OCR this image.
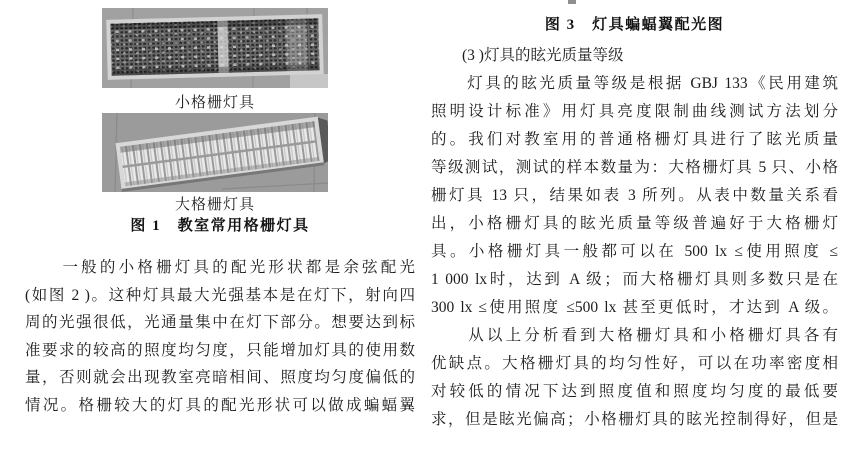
小格栅灯具
大格栅灯具
图 1　教室常用格栅灯具
　　一般的小格栅灯具的配光形状都是余弦配光
(如图 2 )。这种灯具最大光强基本是在灯下，射向四
周的光强很低，光通量集中在灯下部分。想要达到标
准要求的较高的照度均匀度，只能增加灯具的使用数
量，否则就会出现教室亮暗相间、照度均匀度偏低的
情况。格栅较大的灯具的配光形状可以做成蝙蝠翼
图 3　灯具蝙蝠翼配光图
　　(3 )灯具的眩光质量等级
　　灯具的眩光质量等级是根据 GBJ 133《民用建筑
照明设计标准》用灯具亮度限制曲线测试方法划分
的。我们对教室用的普通格栅灯具进行了眩光质量
等级测试，测试的样本数量为：大格栅灯具 5 只、小格
栅灯具 13 只，结果如表 3 所列。从表中数量关系看
出，小格栅灯具的眩光质量等级普遍好于大格栅灯
具。小格栅灯具一般都可以在 500 lx ≤使用照度 ≤
1 000 lx时，达到 A 级；而大格栅灯具则多数只是在
300 lx ≤使用照度 ≤500 lx 甚至更低时，才达到 A 级。
　　从以上分析看到大格栅灯具和小格栅灯具各有
优缺点。大格栅灯具的均匀性好，可以在功率密度相
对较低的情况下达到照度值和照度均匀度的最低要
求，但是眩光偏高；小格栅灯具的眩光控制得好，但是
